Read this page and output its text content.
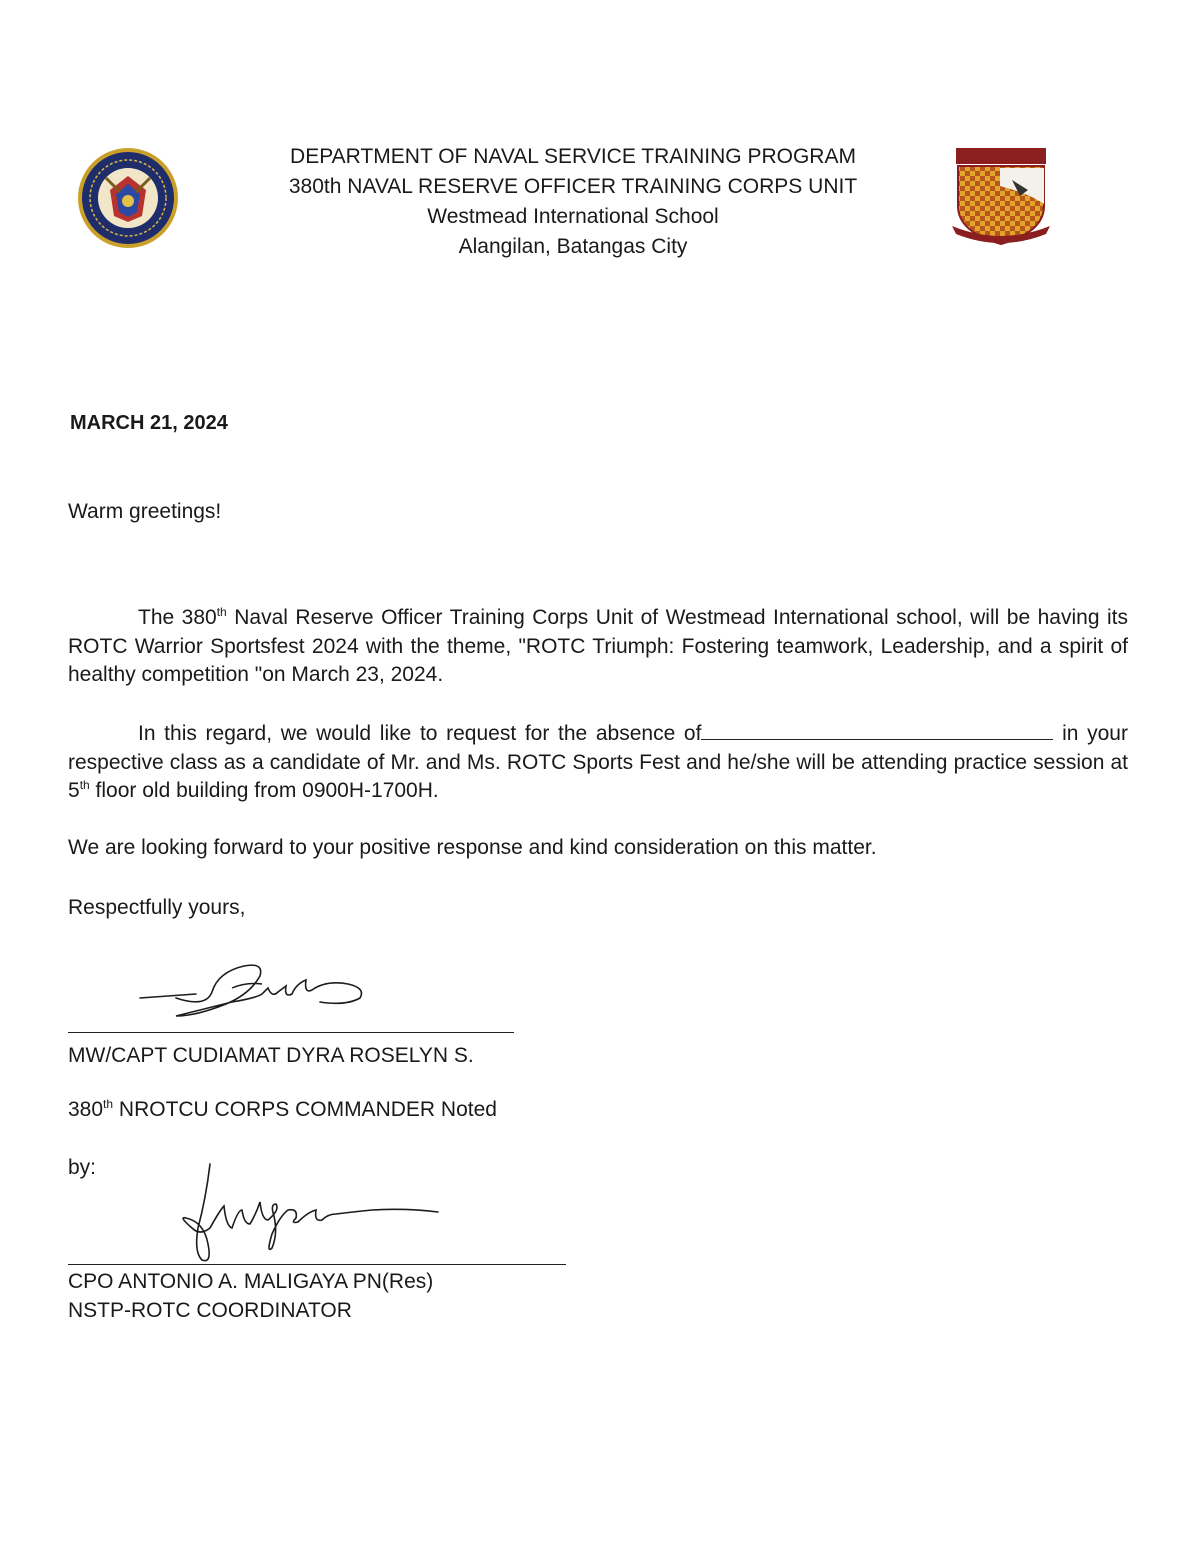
DEPARTMENT OF NAVAL SERVICE TRAINING PROGRAM
380th NAVAL RESERVE OFFICER TRAINING CORPS UNIT
Westmead International School
Alangilan, Batangas City
MARCH 21, 2024
Warm greetings!
The 380th Naval Reserve Officer Training Corps Unit of Westmead International school, will be having its ROTC Warrior Sportsfest 2024 with the theme, "ROTC Triumph: Fostering teamwork, Leadership, and a spirit of healthy competition "on March 23, 2024.
In this regard, we would like to request for the absence of	in your respective class as a candidate of Mr. and Ms. ROTC Sports Fest and he/she will be attending practice session at 5th floor old building from 0900H-1700H.
We are looking forward to your positive response and kind consideration on this matter.
Respectfully yours,
MW/CAPT CUDIAMAT DYRA ROSELYN S.
380th NROTCU CORPS COMMANDER Noted
by:
CPO ANTONIO A. MALIGAYA PN(Res)
NSTP-ROTC COORDINATOR
